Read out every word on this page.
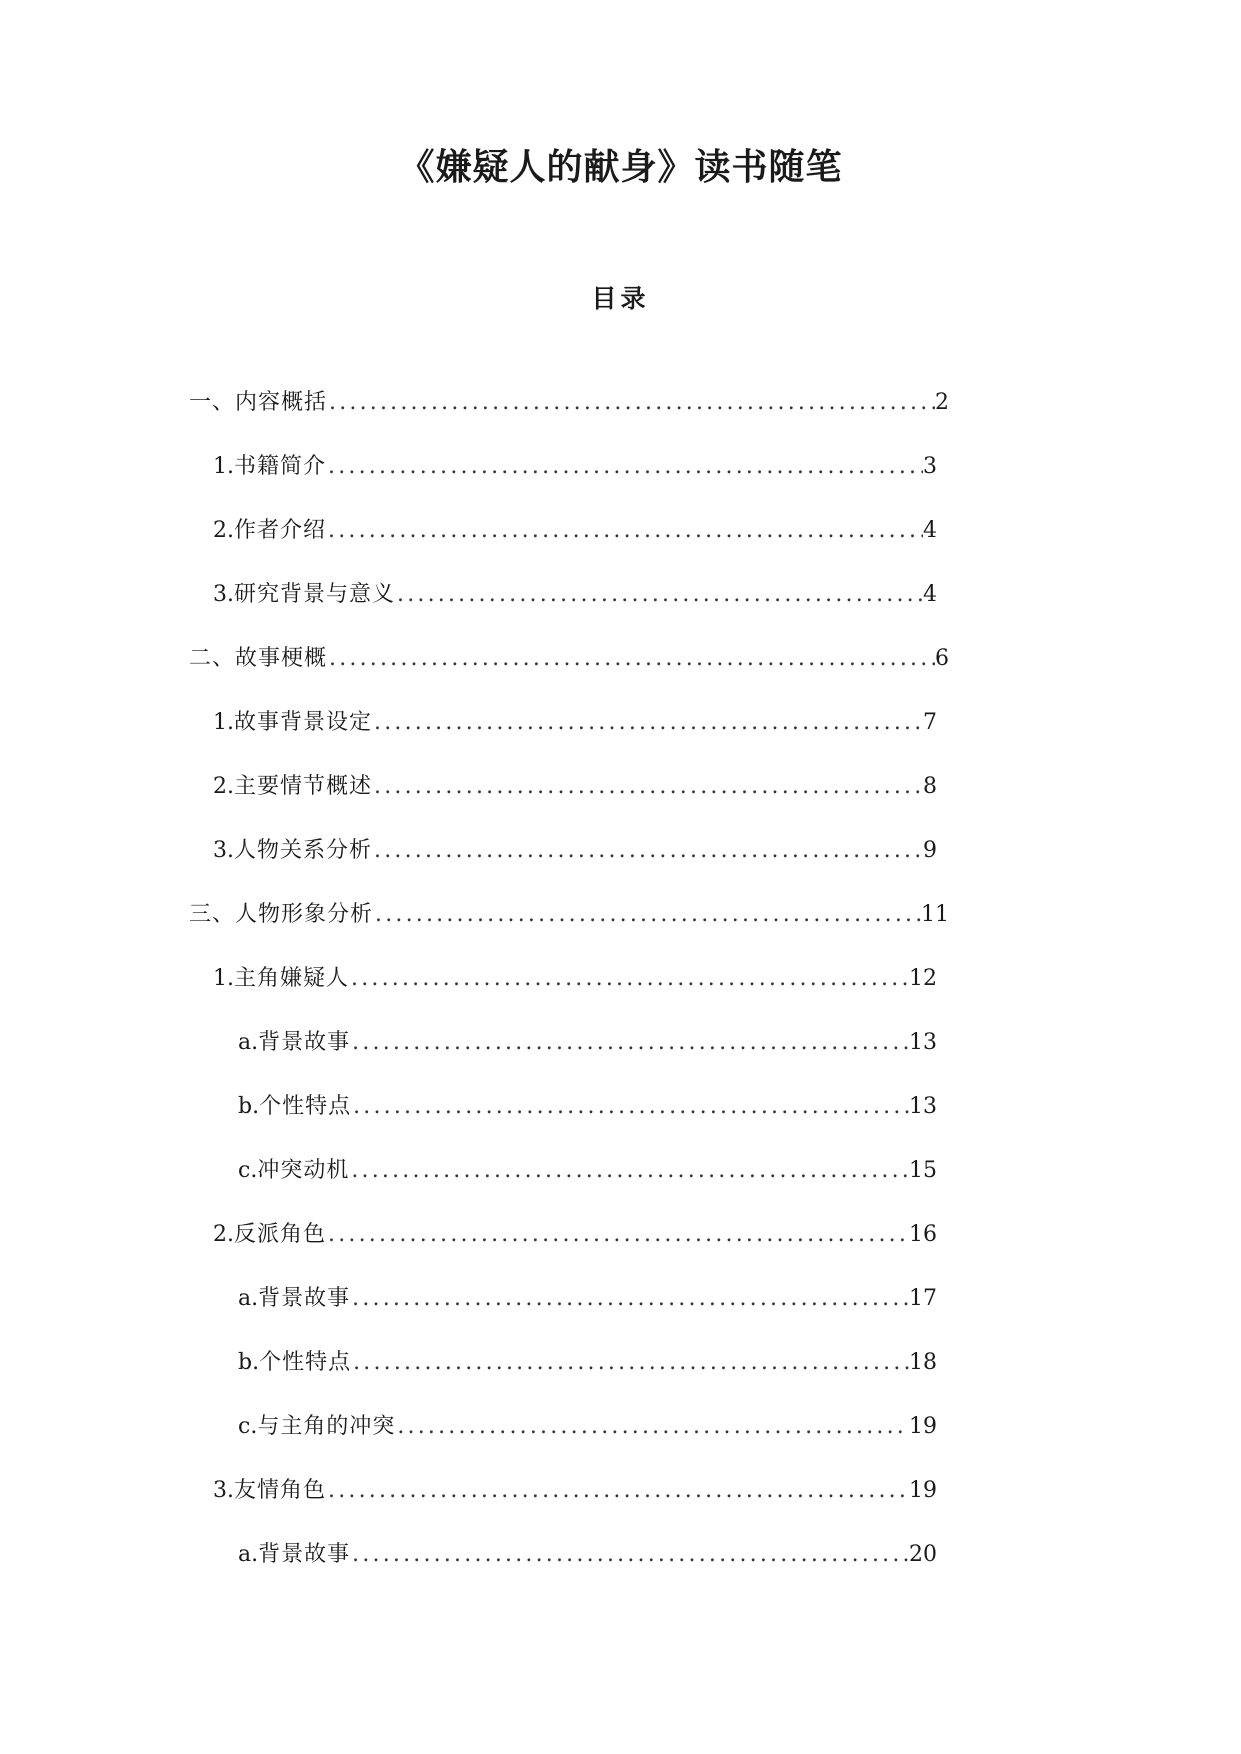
《嫌疑人的献身》读书随笔
目录
一、内容概括 .....	2
1. 书籍简介 .....	3
2. 作者介绍 .....	4
3. 研究背景与意义 .....	4
二、故事梗概 .....	6
1. 故事背景设定 .....	7
2. 主要情节概述 .....	8
3. 人物关系分析 .....	9
三、人物形象分析 .....	11
1. 主角嫌疑人 .....	12
a. 背景故事 .....	13
b. 个性特点 .....	13
c. 冲突动机 .....	15
2. 反派角色 .....	16
a. 背景故事 .....	17
b. 个性特点 .....	18
c. 与主角的冲突 .....	19
3. 友情角色 .....	19
a. 背景故事 .....	20
